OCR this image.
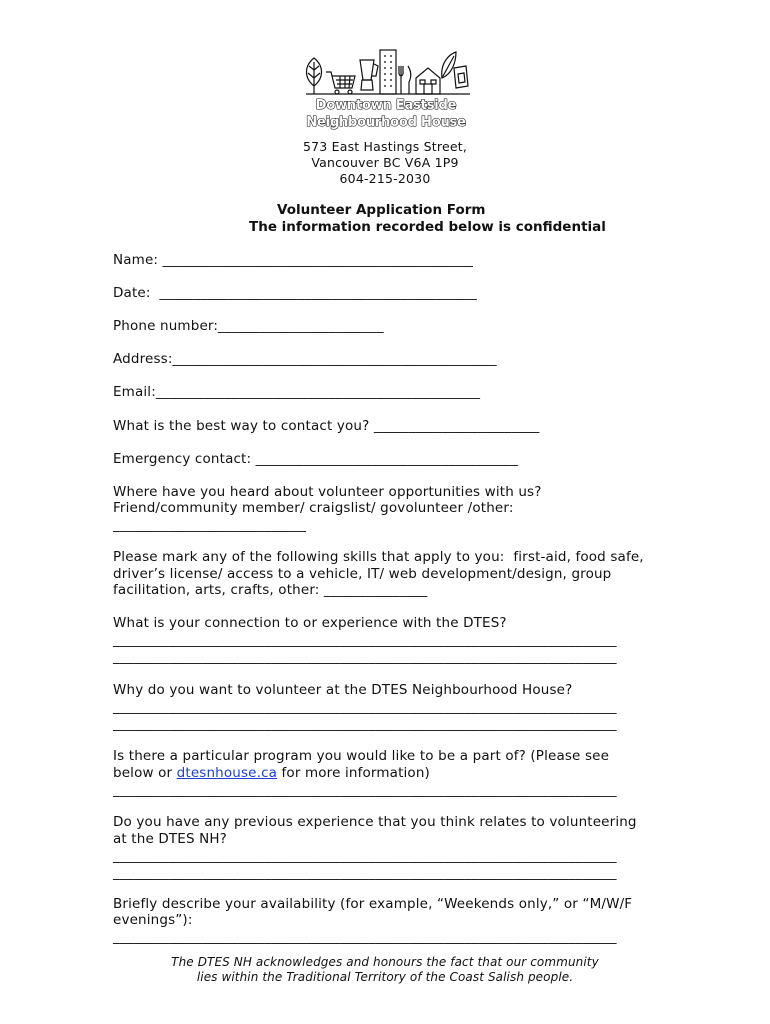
Downtown Eastside
Neighbourhood House
573 East Hastings Street,
Vancouver BC V6A 1P9
604-215-2030
Volunteer Application Form
The information recorded below is confidential
Name: _____________________________________________
Date:  ______________________________________________
Phone number:________________________
Address:_______________________________________________
Email:_______________________________________________
What is the best way to contact you? ________________________
Emergency contact: ______________________________________
Where have you heard about volunteer opportunities with us?
Friend/community member/ craigslist/ govolunteer /other:
____________________________
Please mark any of the following skills that apply to you:  first-aid, food safe,
driver’s license/ access to a vehicle, IT/ web development/design, group
facilitation, arts, crafts, other: _______________
What is your connection to or experience with the DTES?
_________________________________________________________________________
_________________________________________________________________________
Why do you want to volunteer at the DTES Neighbourhood House?
_________________________________________________________________________
_________________________________________________________________________
Is there a particular program you would like to be a part of? (Please see
below or dtesnhouse.ca for more information)
_________________________________________________________________________
Do you have any previous experience that you think relates to volunteering
at the DTES NH?
_________________________________________________________________________
_________________________________________________________________________
Briefly describe your availability (for example, “Weekends only,” or “M/W/F
evenings”):
_________________________________________________________________________
The DTES NH acknowledges and honours the fact that our community
lies within the Traditional Territory of the Coast Salish people.
